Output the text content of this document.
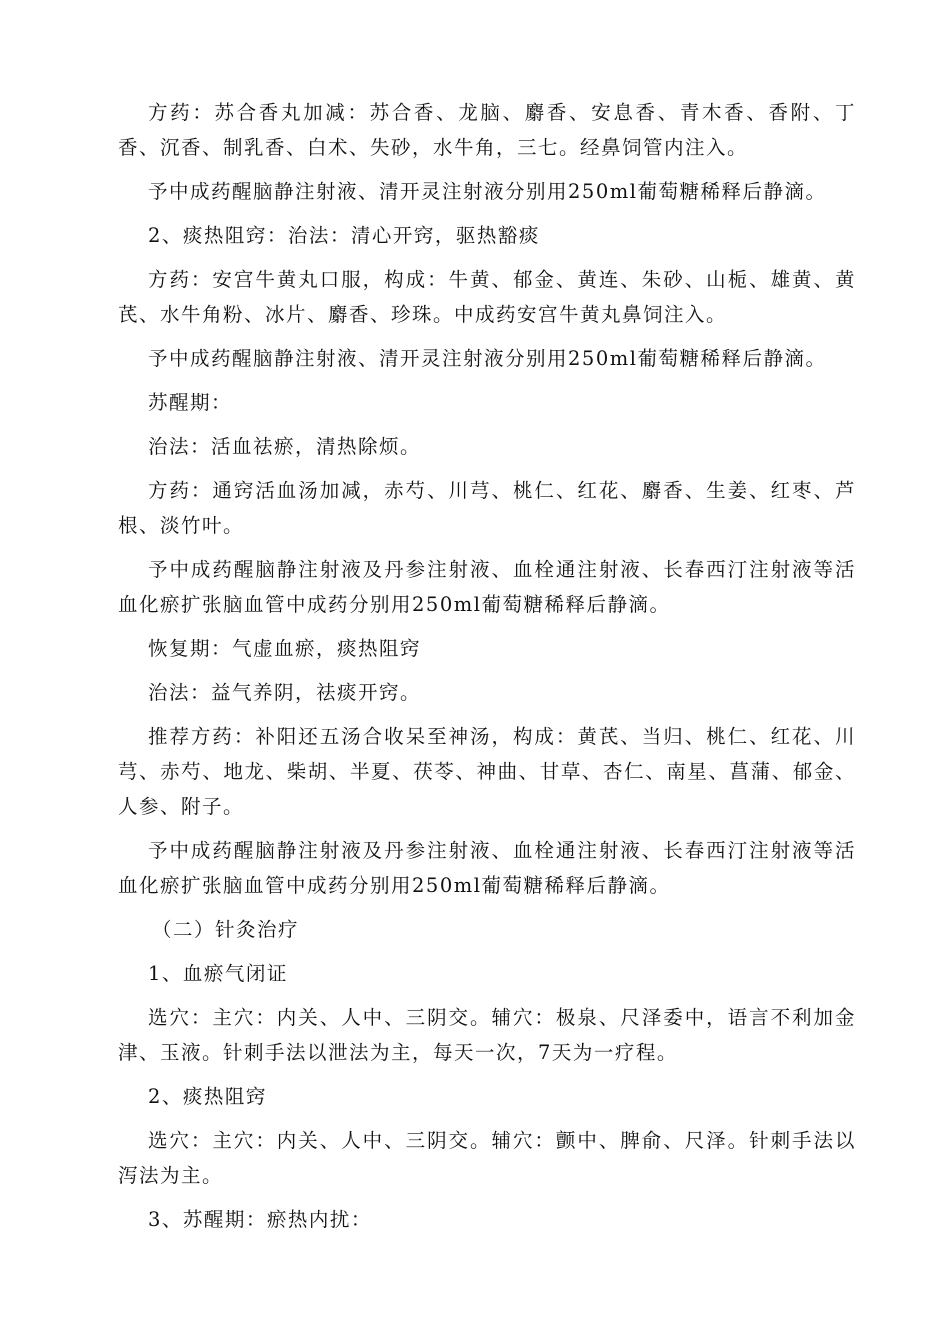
方药：苏合香丸加减：苏合香、龙脑、麝香、安息香、青木香、香附、丁香、沉香、制乳香、白术、失砂，水牛角，三七。经鼻饲管内注入。

予中成药醒脑静注射液、清开灵注射液分别用250ml葡萄糖稀释后静滴。

2、痰热阻窍：治法：清心开窍，驱热豁痰

方药：安宫牛黄丸口服，构成：牛黄、郁金、黄连、朱砂、山栀、雄黄、黄芪、水牛角粉、冰片、麝香、珍珠。中成药安宫牛黄丸鼻饲注入。

予中成药醒脑静注射液、清开灵注射液分别用250ml葡萄糖稀释后静滴。

苏醒期：

治法：活血祛瘀，清热除烦。

方药：通窍活血汤加减，赤芍、川芎、桃仁、红花、麝香、生姜、红枣、芦根、淡竹叶。

予中成药醒脑静注射液及丹参注射液、血栓通注射液、长春西汀注射液等活血化瘀扩张脑血管中成药分别用250ml葡萄糖稀释后静滴。

恢复期：气虚血瘀，痰热阻窍

治法：益气养阴，祛痰开窍。

推荐方药：补阳还五汤合收呆至神汤，构成：黄芪、当归、桃仁、红花、川芎、赤芍、地龙、柴胡、半夏、茯苓、神曲、甘草、杏仁、南星、菖蒲、郁金、人参、附子。

予中成药醒脑静注射液及丹参注射液、血栓通注射液、长春西汀注射液等活血化瘀扩张脑血管中成药分别用250ml葡萄糖稀释后静滴。

（二）针灸治疗

1、血瘀气闭证

选穴：主穴：内关、人中、三阴交。辅穴：极泉、尺泽委中，语言不利加金津、玉液。针刺手法以泄法为主，每天一次，7天为一疗程。

2、痰热阻窍

选穴：主穴：内关、人中、三阴交。辅穴：颤中、脾俞、尺泽。针刺手法以泻法为主。

3、苏醒期：瘀热内扰：
